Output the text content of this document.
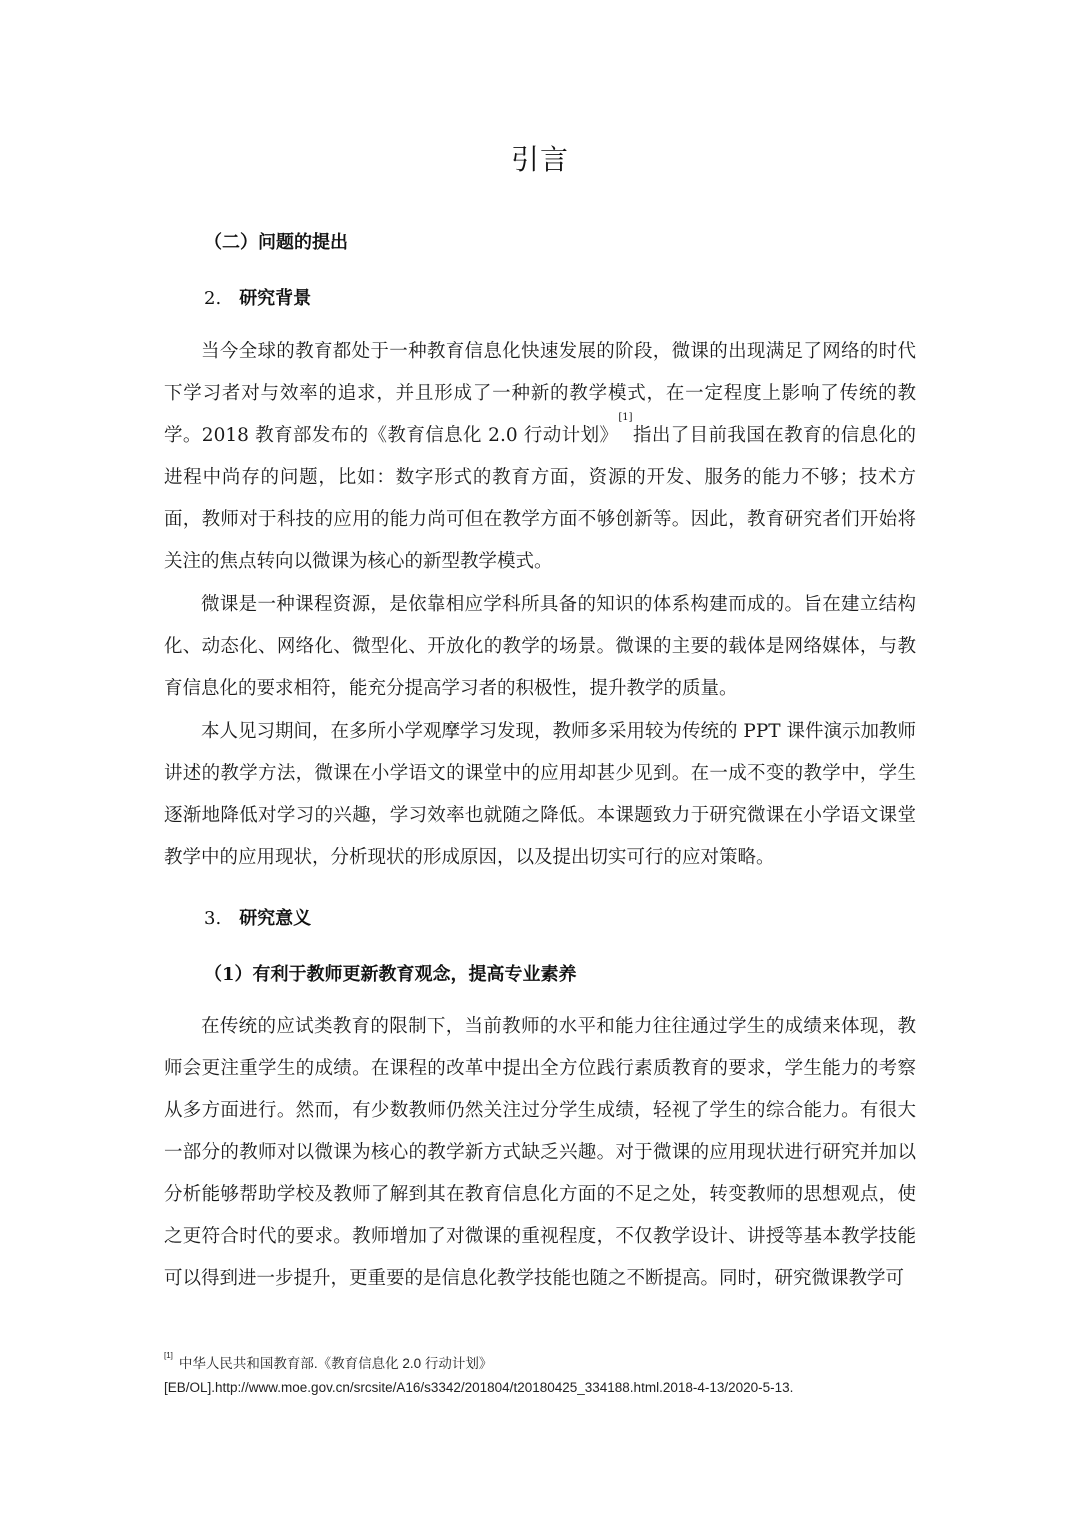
引言
（二）问题的提出
2. 研究背景

当今全球的教育都处于一种教育信息化快速发展的阶段，微课的出现满足了网络的时代下学习者对与效率的追求，并且形成了一种新的教学模式，在一定程度上影响了传统的教学。2018 教育部发布的《教育信息化 2.0 行动计划》[1]指出了目前我国在教育的信息化的进程中尚存的问题，比如：数字形式的教育方面，资源的开发、服务的能力不够；技术方面，教师对于科技的应用的能力尚可但在教学方面不够创新等。因此，教育研究者们开始将关注的焦点转向以微课为核心的新型教学模式。

微课是一种课程资源，是依靠相应学科所具备的知识的体系构建而成的。旨在建立结构化、动态化、网络化、微型化、开放化的教学的场景。微课的主要的载体是网络媒体，与教育信息化的要求相符，能充分提高学习者的积极性，提升教学的质量。

本人见习期间，在多所小学观摩学习发现，教师多采用较为传统的 PPT 课件演示加教师讲述的教学方法，微课在小学语文的课堂中的应用却甚少见到。在一成不变的教学中，学生逐渐地降低对学习的兴趣，学习效率也就随之降低。本课题致力于研究微课在小学语文课堂教学中的应用现状，分析现状的形成原因，以及提出切实可行的应对策略。

3. 研究意义
（1）有利于教师更新教育观念，提高专业素养

在传统的应试类教育的限制下，当前教师的水平和能力往往通过学生的成绩来体现，教师会更注重学生的成绩。在课程的改革中提出全方位践行素质教育的要求，学生能力的考察从多方面进行。然而，有少数教师仍然关注过分学生成绩，轻视了学生的综合能力。有很大一部分的教师对以微课为核心的教学新方式缺乏兴趣。对于微课的应用现状进行研究并加以分析能够帮助学校及教师了解到其在教育信息化方面的不足之处，转变教师的思想观点，使之更符合时代的要求。教师增加了对微课的重视程度，不仅教学设计、讲授等基本教学技能可以得到进一步提升，更重要的是信息化教学技能也随之不断提高。同时，研究微课教学可

[1]中华人民共和国教育部.《教育信息化 2.0 行动计划》
[EB/OL].http://www.moe.gov.cn/srcsite/A16/s3342/201804/t20180425_334188.html.2018-4-13/2020-5-13.
